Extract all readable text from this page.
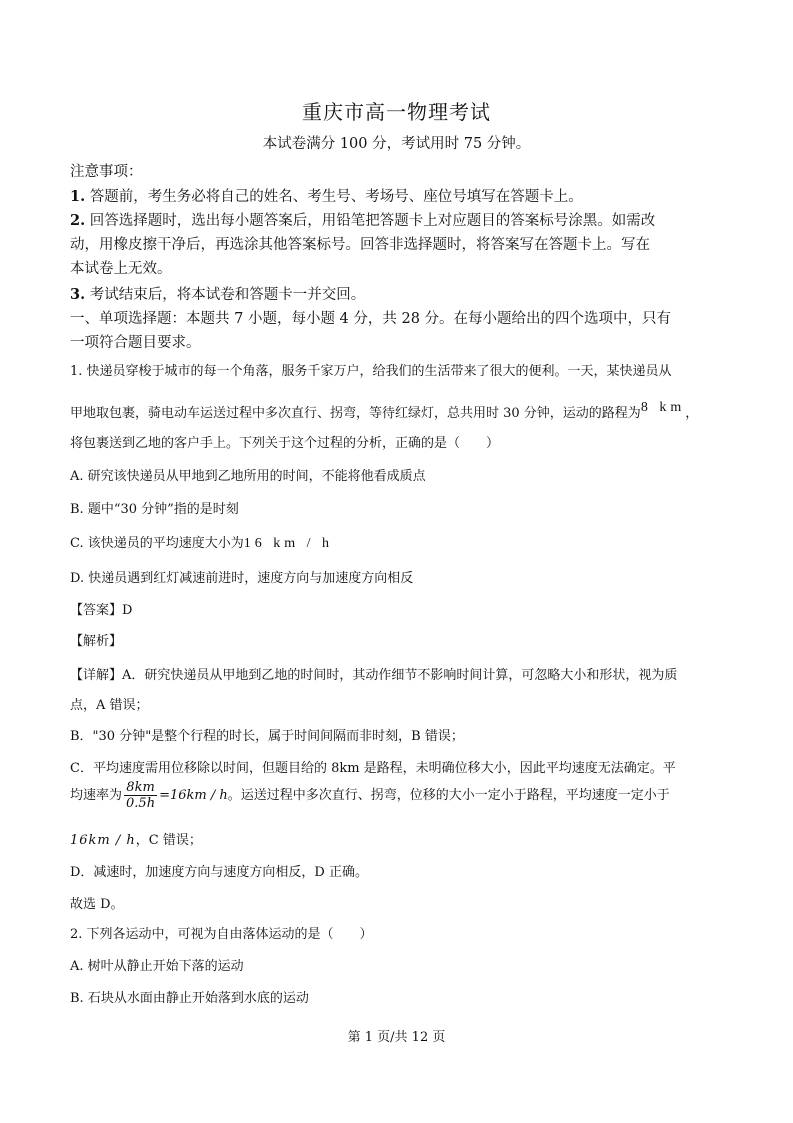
重庆市高一物理考试
本试卷满分 100 分，考试用时 75 分钟。
注意事项：
1. 答题前，考生务必将自己的姓名、考生号、考场号、座位号填写在答题卡上。
2. 回答选择题时，选出每小题答案后，用铅笔把答题卡上对应题目的答案标号涂黑。如需改
动，用橡皮擦干净后，再选涂其他答案标号。回答非选择题时，将答案写在答题卡上。写在
本试卷上无效。
3. 考试结束后，将本试卷和答题卡一并交回。
一、单项选择题：本题共 7 小题，每小题 4 分，共 28 分。在每小题给出的四个选项中，只有
一项符合题目要求。
1. 快递员穿梭于城市的每一个角落，服务千家万户，给我们的生活带来了很大的便利。一天，某快递员从
甲地取包裹，骑电动车运送过程中多次直行、拐弯，等待红绿灯，总共用时 30 分钟，运动的路程为8 km，
将包裹送到乙地的客户手上。下列关于这个过程的分析，正确的是（　　）
A. 研究该快递员从甲地到乙地所用的时间，不能将他看成质点
B. 题中“30 分钟”指的是时刻
C. 该快递员的平均速度大小为16 km / h
D. 快递员遇到红灯减速前进时，速度方向与加速度方向相反
【答案】D
【解析】
【详解】A．研究快递员从甲地到乙地的时间时，其动作细节不影响时间计算，可忽略大小和形状，视为质
点，A 错误；
B．"30 分钟"是整个行程的时长，属于时间间隔而非时刻，B 错误；
C．平均速度需用位移除以时间，但题目给的 8km 是路程，未明确位移大小，因此平均速度无法确定。平
均速率为 $\frac{8km}{0.5h} =16km / h$。运送过程中多次直行、拐弯，位移的大小一定小于路程，平均速度一定小于
16km / h，C 错误；
D．减速时，加速度方向与速度方向相反，D 正确。
故选 D。
2. 下列各运动中，可视为自由落体运动的是（　　）
A. 树叶从静止开始下落的运动
B. 石块从水面由静止开始落到水底的运动
第 1 页/共 12 页
